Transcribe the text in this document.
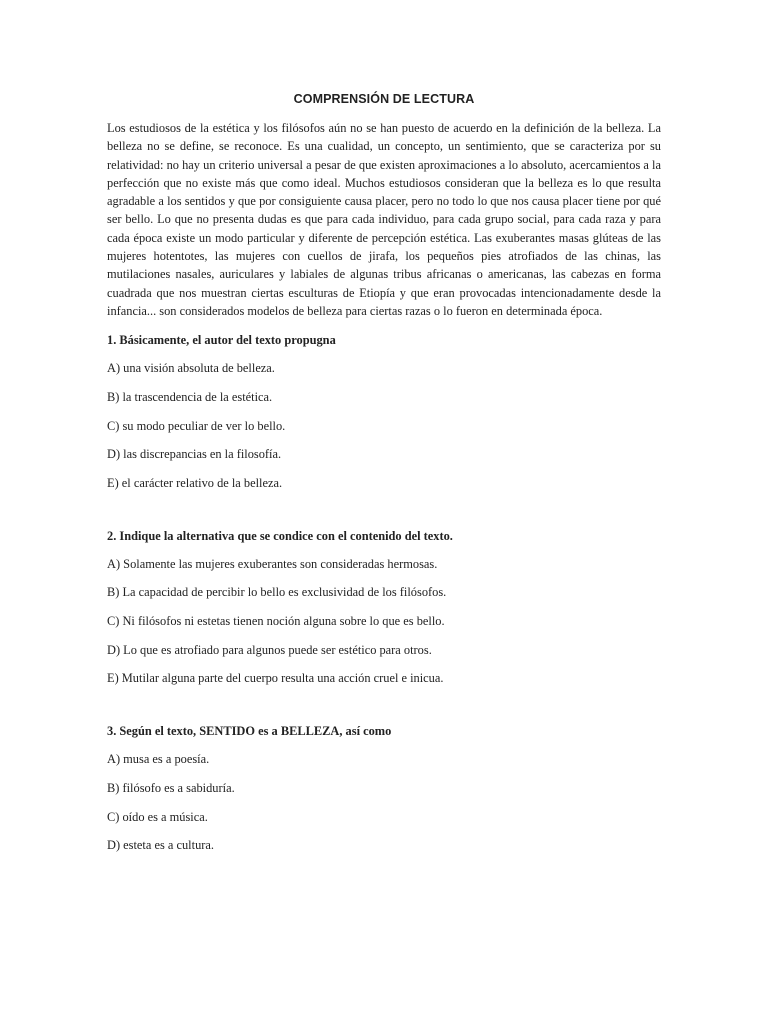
COMPRENSIÓN DE LECTURA

Los estudiosos de la estética y los filósofos aún no se han puesto de acuerdo en la definición de la belleza. La belleza no se define, se reconoce. Es una cualidad, un concepto, un sentimiento, que se caracteriza por su relatividad: no hay un criterio universal a pesar de que existen aproximaciones a lo absoluto, acercamientos a la perfección que no existe más que como ideal. Muchos estudiosos consideran que la belleza es lo que resulta agradable a los sentidos y que por consiguiente causa placer, pero no todo lo que nos causa placer tiene por qué ser bello. Lo que no presenta dudas es que para cada individuo, para cada grupo social, para cada raza y para cada época existe un modo particular y diferente de percepción estética. Las exuberantes masas glúteas de las mujeres hotentotes, las mujeres con cuellos de jirafa, los pequeños pies atrofiados de las chinas, las mutilaciones nasales, auriculares y labiales de algunas tribus africanas o americanas, las cabezas en forma cuadrada que nos muestran ciertas esculturas de Etiopía y que eran provocadas intencionadamente desde la infancia... son considerados modelos de belleza para ciertas razas o lo fueron en determinada época.

1. Básicamente, el autor del texto propugna

A) una visión absoluta de belleza.

B) la trascendencia de la estética.

C) su modo peculiar de ver lo bello.

D) las discrepancias en la filosofía.

E) el carácter relativo de la belleza.

2. Indique la alternativa que se condice con el contenido del texto.

A) Solamente las mujeres exuberantes son consideradas hermosas.

B) La capacidad de percibir lo bello es exclusividad de los filósofos.

C) Ni filósofos ni estetas tienen noción alguna sobre lo que es bello.

D) Lo que es atrofiado para algunos puede ser estético para otros.

E) Mutilar alguna parte del cuerpo resulta una acción cruel e inicua.

3. Según el texto, SENTIDO es a BELLEZA, así como

A) musa es a poesía.

B) filósofo es a sabiduría.

C) oído es a música.

D) esteta es a cultura.
